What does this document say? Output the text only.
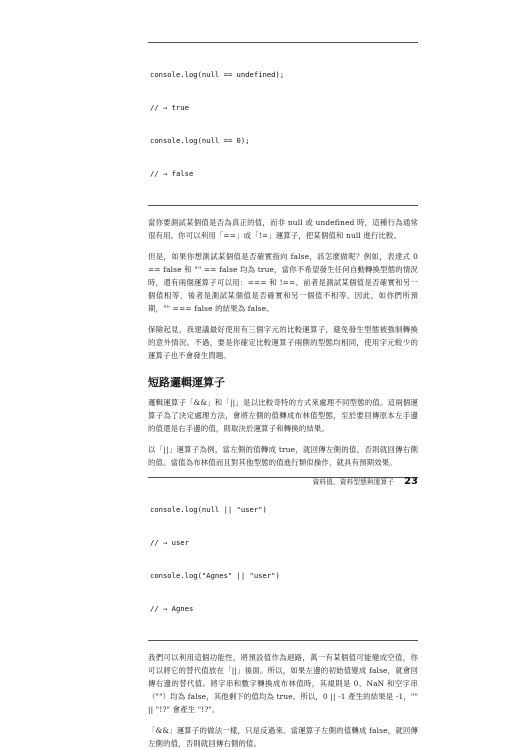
console.log(null == undefined);

// → true

console.log(null == 0);

// → false

當你要測試某個值是否為真正的值，而非 null 或 undefined 時，這種行為通常很有用。你可以利用「==」或「!=」運算子，把某個值和 null 進行比較。

但是，如果你想測試某個值是否確實指向 false，該怎麼做呢？例如，表達式 0 == false 和 "" == false 均為 true，當你不希望發生任何自動轉換型態的情況時，還有兩個運算子可以用：=== 和 !==。前者是測試某個值是否確實和另一個值相等，後者是測試某個值是否確實和另一個值不相等。因此，如你們所預期，"" === false 的結果為 false。

保險起見，我建議最好使用有三個字元的比較運算子，避免發生型態被強制轉換的意外情況。不過，要是你確定比較運算子兩側的型態均相同，使用字元較少的運算子也不會發生問題。

短路邏輯運算子

邏輯運算子「&&」和「||」是以比較奇特的方式來處理不同型態的值。這兩個運算子為了決定處理方法，會將左側的值轉成布林值型態，至於要回傳原本左手邊的值還是右手邊的值，則取決於運算子和轉換的結果。

以「||」運算子為例，當左側的值轉成 true，就回傳左側的值，否則就回傳右側的值。當值為布林值而且對其他型態的值進行類似操作，就具有預期效果。

console.log(null || "user")

// → user

console.log("Agnes" || "user")

// → Agnes

我們可以利用這個功能性，將預設值作為迴路，萬一有某個值可能變成空值，你可以將它的替代值放在「||」後面。所以，如果左邊的初始值變成 false，就會回傳右邊的替代值。將字串和數字轉換成布林值時，其規則是 0、NaN 和空字串（""）均為 false，其他剩下的值均為 true。所以，0 || -1 產生的結果是 -1，"" || "!?" 會產生 "!?"。

「&&」運算子的做法一樣，只是反過來。當運算子左側的值轉成 false，就回傳左側的值，否則就回傳右側的值。

資料值、資料型態與運算子 23
